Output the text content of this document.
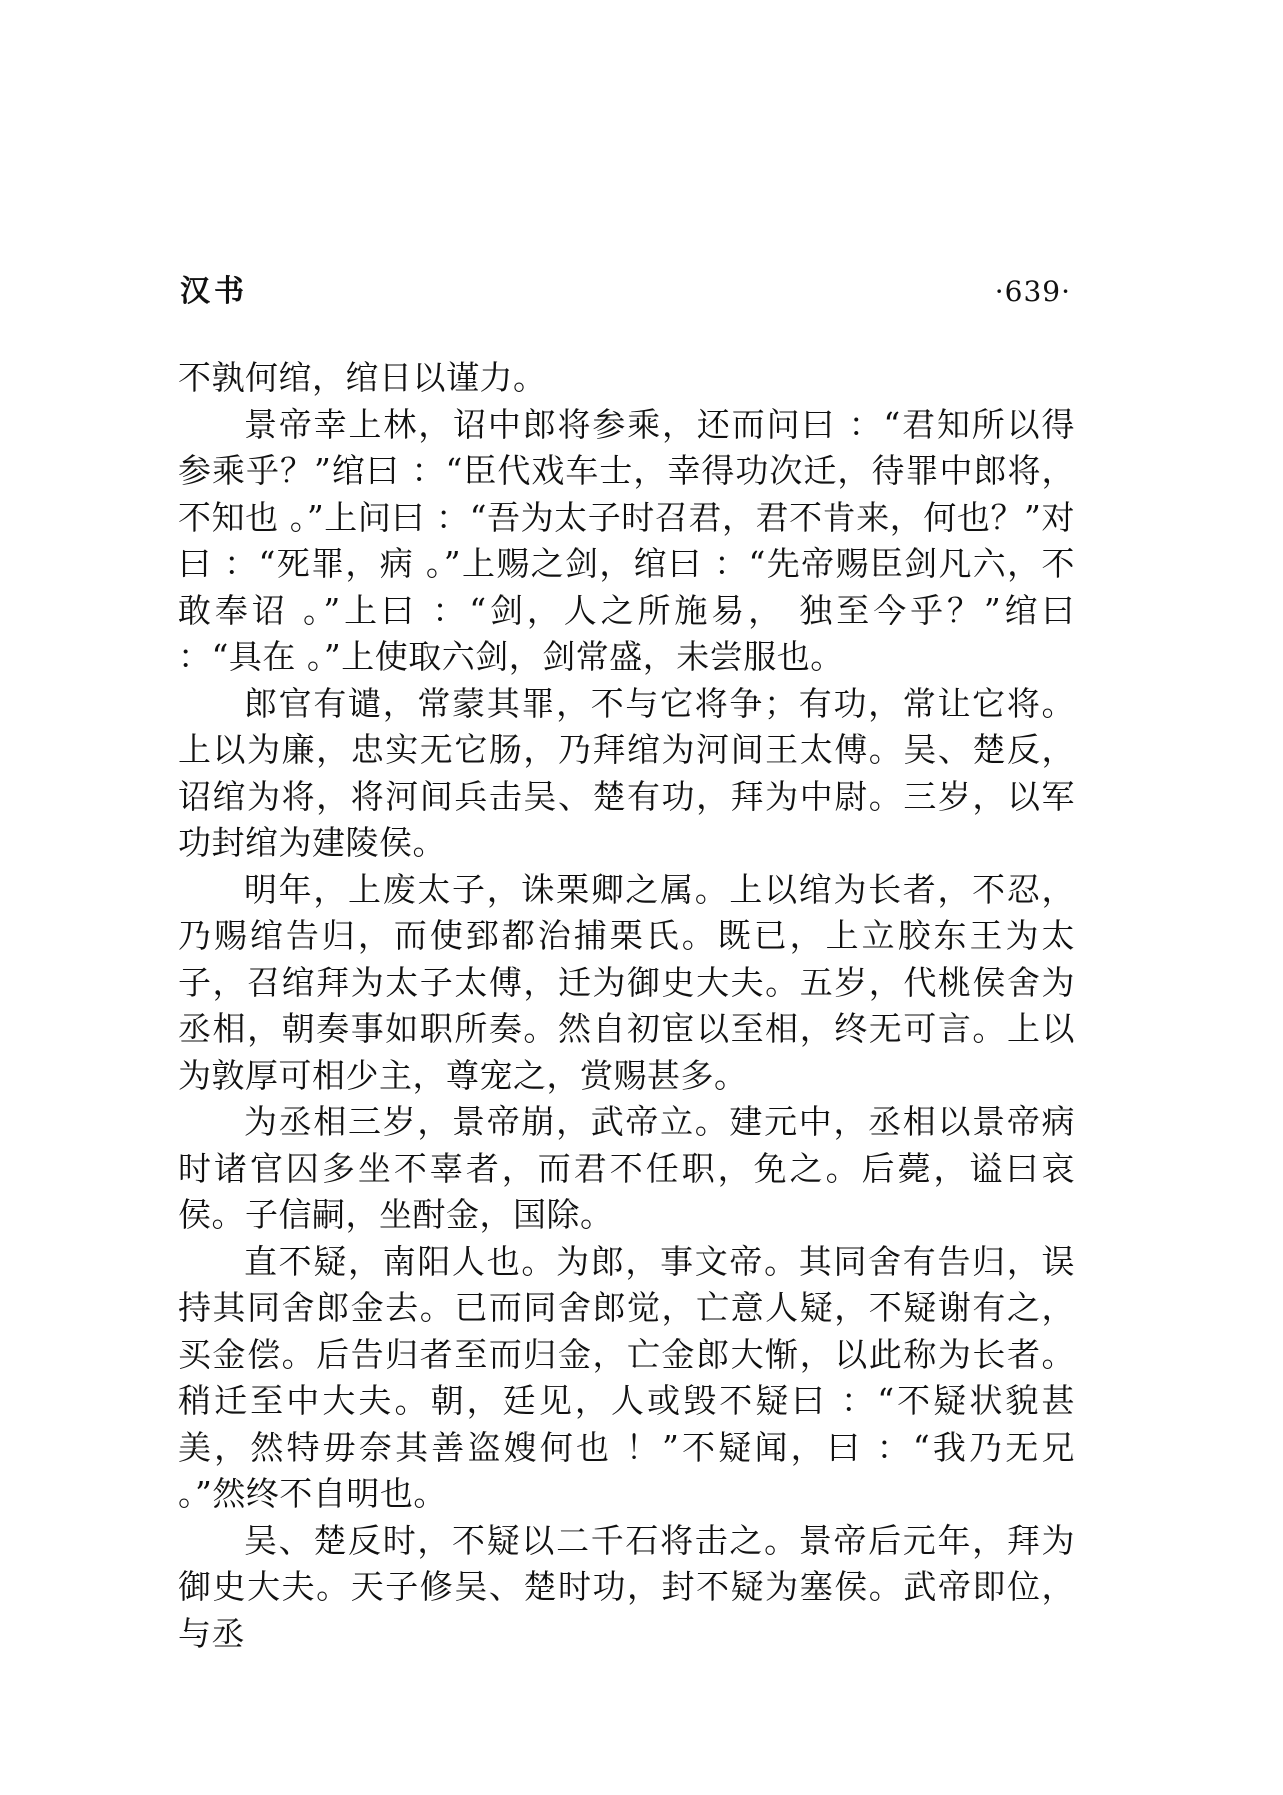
汉书	·639·

不孰何绾，绾日以谨力。

景帝幸上林，诏中郎将参乘，还而问曰 ：“君知所以得参乘乎？”绾曰 ：“臣代戏车士，幸得功次迁，待罪中郎将，不知也 。”上问曰 ：“吾为太子时召君，君不肯来，何也？”对曰 ：“死罪，病 。”上赐之剑，绾曰 ：“先帝赐臣剑凡六，不敢奉诏 。”上曰 ：“剑，人之所施易， 独至今乎？”绾曰 ：“具在 。”上使取六剑，剑常盛，未尝服也。

郎官有谴，常蒙其罪，不与它将争；有功，常让它将。上以为廉，忠实无它肠，乃拜绾为河间王太傅。吴、楚反，诏绾为将，将河间兵击吴、楚有功，拜为中尉。三岁，以军功封绾为建陵侯。

明年，上废太子，诛栗卿之属。上以绾为长者，不忍，乃赐绾告归，而使郅都治捕栗氏。既已，上立胶东王为太子，召绾拜为太子太傅，迁为御史大夫。五岁，代桃侯舍为丞相，朝奏事如职所奏。然自初宦以至相，终无可言。上以为敦厚可相少主，尊宠之，赏赐甚多。

为丞相三岁，景帝崩，武帝立。建元中，丞相以景帝病时诸官囚多坐不辜者，而君不任职，免之。后薨，谥曰哀侯。子信嗣，坐酎金，国除。

直不疑，南阳人也。为郎，事文帝。其同舍有告归，误持其同舍郎金去。已而同舍郎觉，亡意人疑，不疑谢有之，买金偿。后告归者至而归金，亡金郎大惭，以此称为长者。稍迁至中大夫。朝，廷见，人或毁不疑曰 ：“不疑状貌甚美，然特毋奈其善盗嫂何也 ！”不疑闻，曰 ：“我乃无兄 。”然终不自明也。

吴、楚反时，不疑以二千石将击之。景帝后元年，拜为御史大夫。天子修吴、楚时功，封不疑为塞侯。武帝即位，与丞
